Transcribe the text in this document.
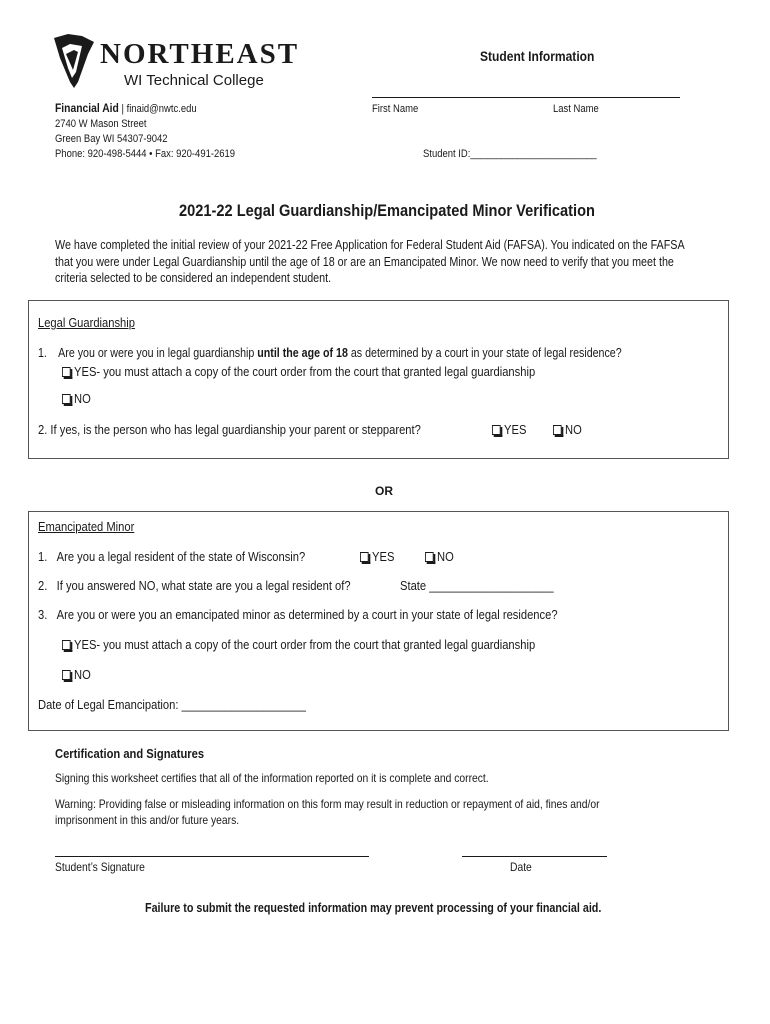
NORTHEAST
WI Technical College
Financial Aid | finaid@nwtc.edu
2740 W Mason Street
Green Bay WI 54307-9042
Phone: 920-498-5444 • Fax: 920-491-2619
Student Information
First Name	Last Name
Student ID:________________________
2021-22 Legal Guardianship/Emancipated Minor Verification
We have completed the initial review of your 2021-22 Free Application for Federal Student Aid (FAFSA). You indicated on the FAFSA
that you were under Legal Guardianship until the age of 18 or are an Emancipated Minor. We now need to verify that you meet the
criteria selected to be considered an independent student.
Legal Guardianship
1. Are you or were you in legal guardianship until the age of 18 as determined by a court in your state of legal residence?
YES- you must attach a copy of the court order from the court that granted legal guardianship
NO
2. If yes, is the person who has legal guardianship your parent or stepparent?	YES	NO
OR
Emancipated Minor
1. Are you a legal resident of the state of Wisconsin?	YES	NO
2. If you answered NO, what state are you a legal resident of?	State ____________________
3. Are you or were you an emancipated minor as determined by a court in your state of legal residence?
YES- you must attach a copy of the court order from the court that granted legal guardianship
NO
Date of Legal Emancipation: ____________________
Certification and Signatures
Signing this worksheet certifies that all of the information reported on it is complete and correct.
Warning: Providing false or misleading information on this form may result in reduction or repayment of aid, fines and/or
imprisonment in this and/or future years.
Student’s Signature	Date
Failure to submit the requested information may prevent processing of your financial aid.
